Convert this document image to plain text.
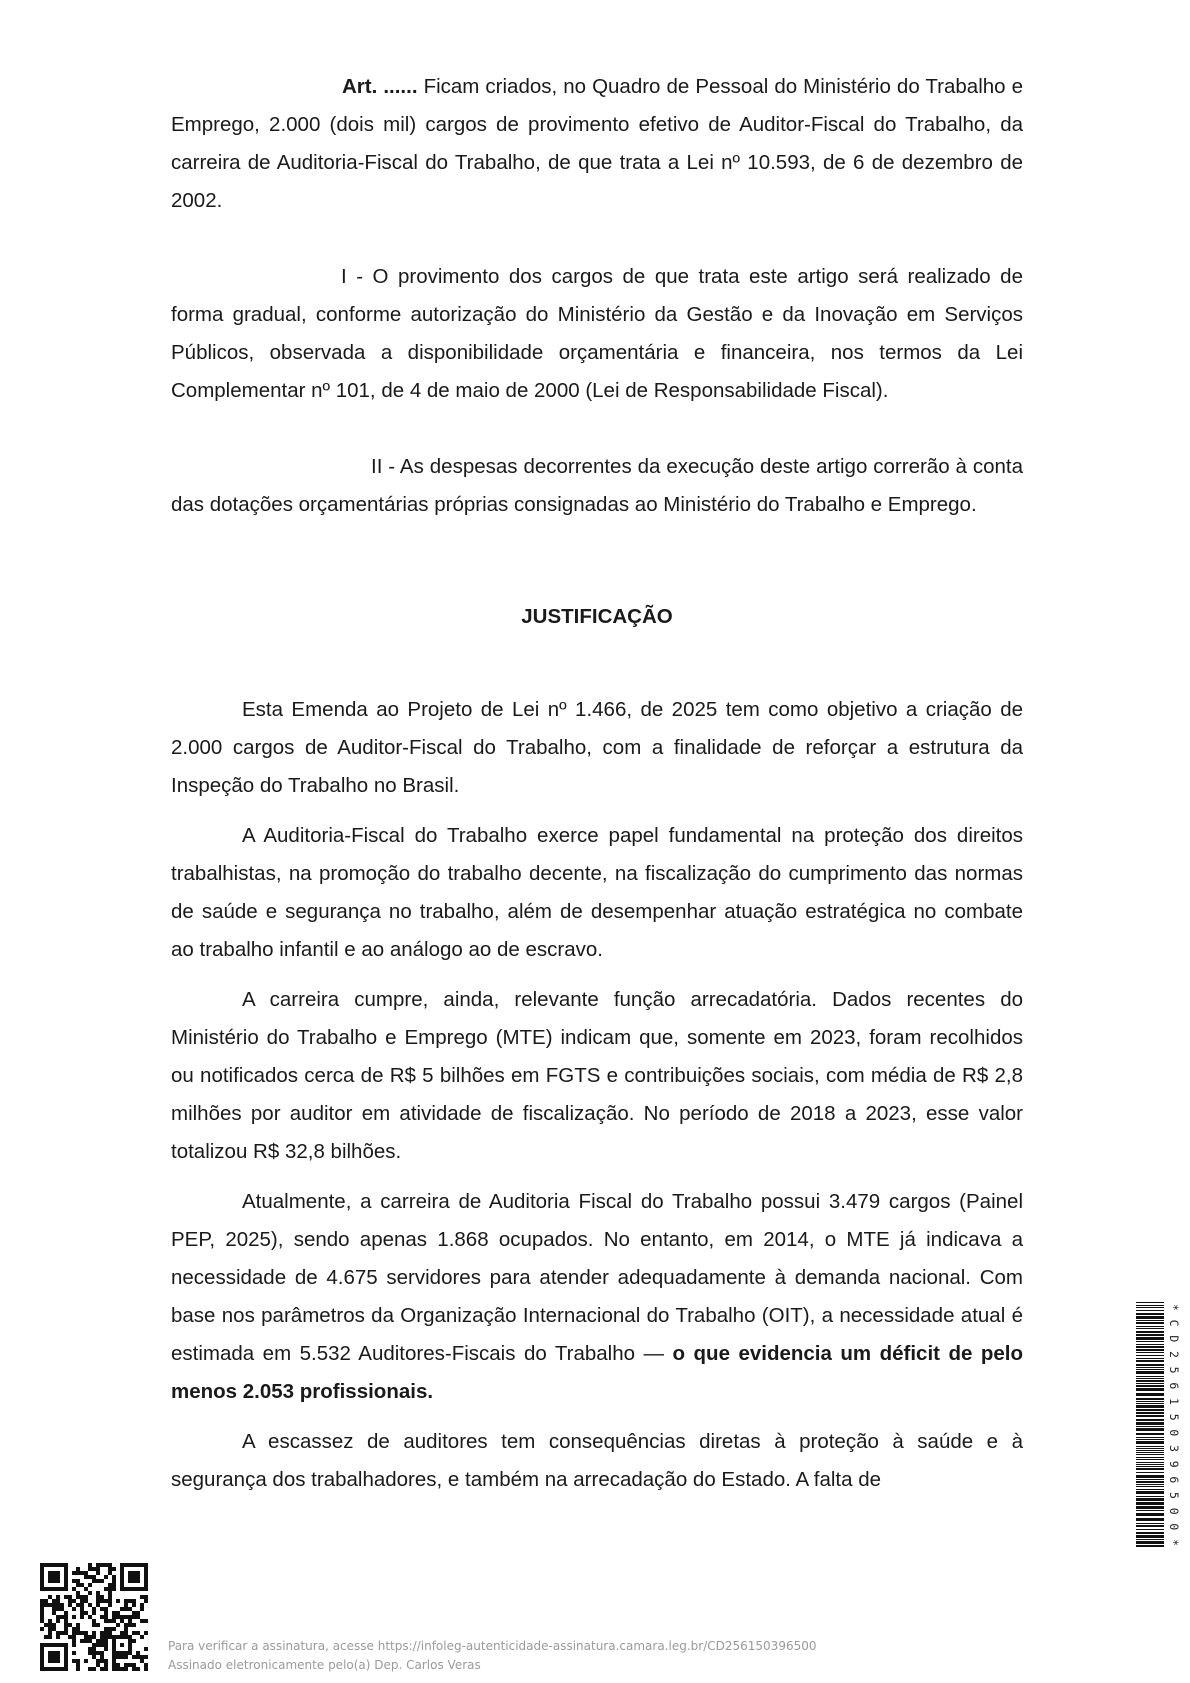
Art. ...... Ficam criados, no Quadro de Pessoal do Ministério do Trabalho e Emprego, 2.000 (dois mil) cargos de provimento efetivo de Auditor-Fiscal do Trabalho, da carreira de Auditoria-Fiscal do Trabalho, de que trata a Lei nº 10.593, de 6 de dezembro de 2002.

I - O provimento dos cargos de que trata este artigo será realizado de forma gradual, conforme autorização do Ministério da Gestão e da Inovação em Serviços Públicos, observada a disponibilidade orçamentária e financeira, nos termos da Lei Complementar nº 101, de 4 de maio de 2000 (Lei de Responsabilidade Fiscal).

II - As despesas decorrentes da execução deste artigo correrão à conta das dotações orçamentárias próprias consignadas ao Ministério do Trabalho e Emprego.

JUSTIFICAÇÃO

Esta Emenda ao Projeto de Lei nº 1.466, de 2025 tem como objetivo a criação de 2.000 cargos de Auditor-Fiscal do Trabalho, com a finalidade de reforçar a estrutura da Inspeção do Trabalho no Brasil.

A Auditoria-Fiscal do Trabalho exerce papel fundamental na proteção dos direitos trabalhistas, na promoção do trabalho decente, na fiscalização do cumprimento das normas de saúde e segurança no trabalho, além de desempenhar atuação estratégica no combate ao trabalho infantil e ao análogo ao de escravo.

A carreira cumpre, ainda, relevante função arrecadatória. Dados recentes do Ministério do Trabalho e Emprego (MTE) indicam que, somente em 2023, foram recolhidos ou notificados cerca de R$ 5 bilhões em FGTS e contribuições sociais, com média de R$ 2,8 milhões por auditor em atividade de fiscalização. No período de 2018 a 2023, esse valor totalizou R$ 32,8 bilhões.

Atualmente, a carreira de Auditoria Fiscal do Trabalho possui 3.479 cargos (Painel PEP, 2025), sendo apenas 1.868 ocupados. No entanto, em 2014, o MTE já indicava a necessidade de 4.675 servidores para atender adequadamente à demanda nacional. Com base nos parâmetros da Organização Internacional do Trabalho (OIT), a necessidade atual é estimada em 5.532 Auditores-Fiscais do Trabalho — o que evidencia um déficit de pelo menos 2.053 profissionais.

A escassez de auditores tem consequências diretas à proteção à saúde e à segurança dos trabalhadores, e também na arrecadação do Estado. A falta de

*CD256150396500*
Para verificar a assinatura, acesse https://infoleg-autenticidade-assinatura.camara.leg.br/CD256150396500
Assinado eletronicamente pelo(a) Dep. Carlos Veras
